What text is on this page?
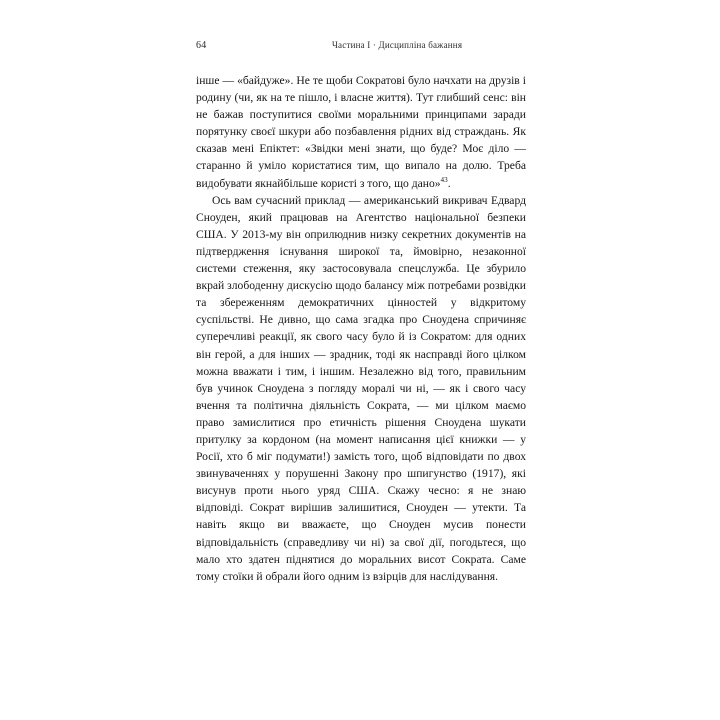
64	Частина I · Дисципліна бажання

інше — «байдуже». Не те щоби Сократові було начхати на друзів і родину (чи, як на те пішло, і власне життя). Тут глибший сенс: він не бажав поступитися своїми моральними принципами заради порятунку своєї шкури або позбавлення рідних від страждань. Як сказав мені Епіктет: «Звідки мені знати, що буде? Моє діло — старанно й уміло користатися тим, що випало на долю. Треба видобувати якнайбільше користі з того, що дано»$^{43}$.

Ось вам сучасний приклад — американський викривач Едвард Сноуден, який працював на Агентство національної безпеки США. У 2013-му він оприлюднив низку секретних документів на підтвердження існування широкої та, ймовірно, незаконної системи стеження, яку застосовувала спецслужба. Це збурило вкрай злободенну дискусію щодо балансу між потребами розвідки та збереженням демократичних цінностей у відкритому суспільстві. Не дивно, що сама згадка про Сноудена спричиняє суперечливі реакції, як свого часу було й із Сократом: для одних він герой, а для інших — зрадник, тоді як насправді його цілком можна вважати і тим, і іншим. Незалежно від того, правильним був учинок Сноудена з погляду моралі чи ні, — як і свого часу вчення та політична діяльність Сократа, — ми цілком маємо право замислитися про етичність рішення Сноудена шукати притулку за кордоном (на момент написання цієї книжки — у Росії, хто б міг подумати!) замість того, щоб відповідати по двох звинуваченнях у порушенні Закону про шпигунство (1917), які висунув проти нього уряд США. Скажу чесно: я не знаю відповіді. Сократ вирішив залишитися, Сноуден — утекти. Та навіть якщо ви вважаєте, що Сноуден мусив понести відповідальність (справедливу чи ні) за свої дії, погодьтеся, що мало хто здатен піднятися до моральних висот Сократа. Саме тому стоїки й обрали його одним із взірців для наслідування.
